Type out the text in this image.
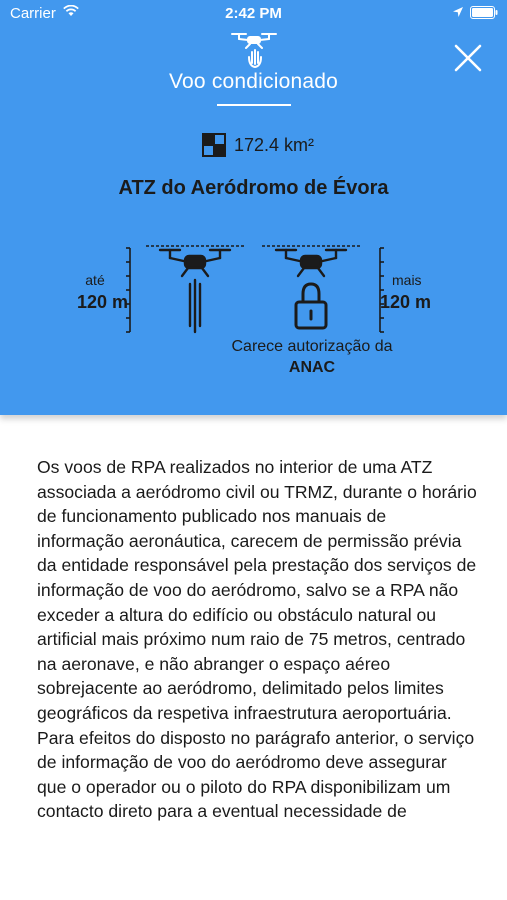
Carrier	2:42 PM
Voo condicionado
172.4 km²
ATZ do Aeródromo de Évora
até
120 m
mais
120 m
Carece autorização da ANAC
Os voos de RPA realizados no interior de uma ATZ associada a aeródromo civil ou TRMZ, durante o horário de funcionamento publicado nos manuais de informação aeronáutica, carecem de permissão prévia da entidade responsável pela prestação dos serviços de informação de voo do aeródromo, salvo se a RPA não exceder a altura do edifício ou obstáculo natural ou artificial mais próximo num raio de 75 metros, centrado na aeronave, e não abranger o espaço aéreo sobrejacente ao aeródromo, delimitado pelos limites geográficos da respetiva infraestrutura aeroportuária. Para efeitos do disposto no parágrafo anterior, o serviço de informação de voo do aeródromo deve assegurar que o operador ou o piloto do RPA disponibilizam um contacto direto para a eventual necessidade de
